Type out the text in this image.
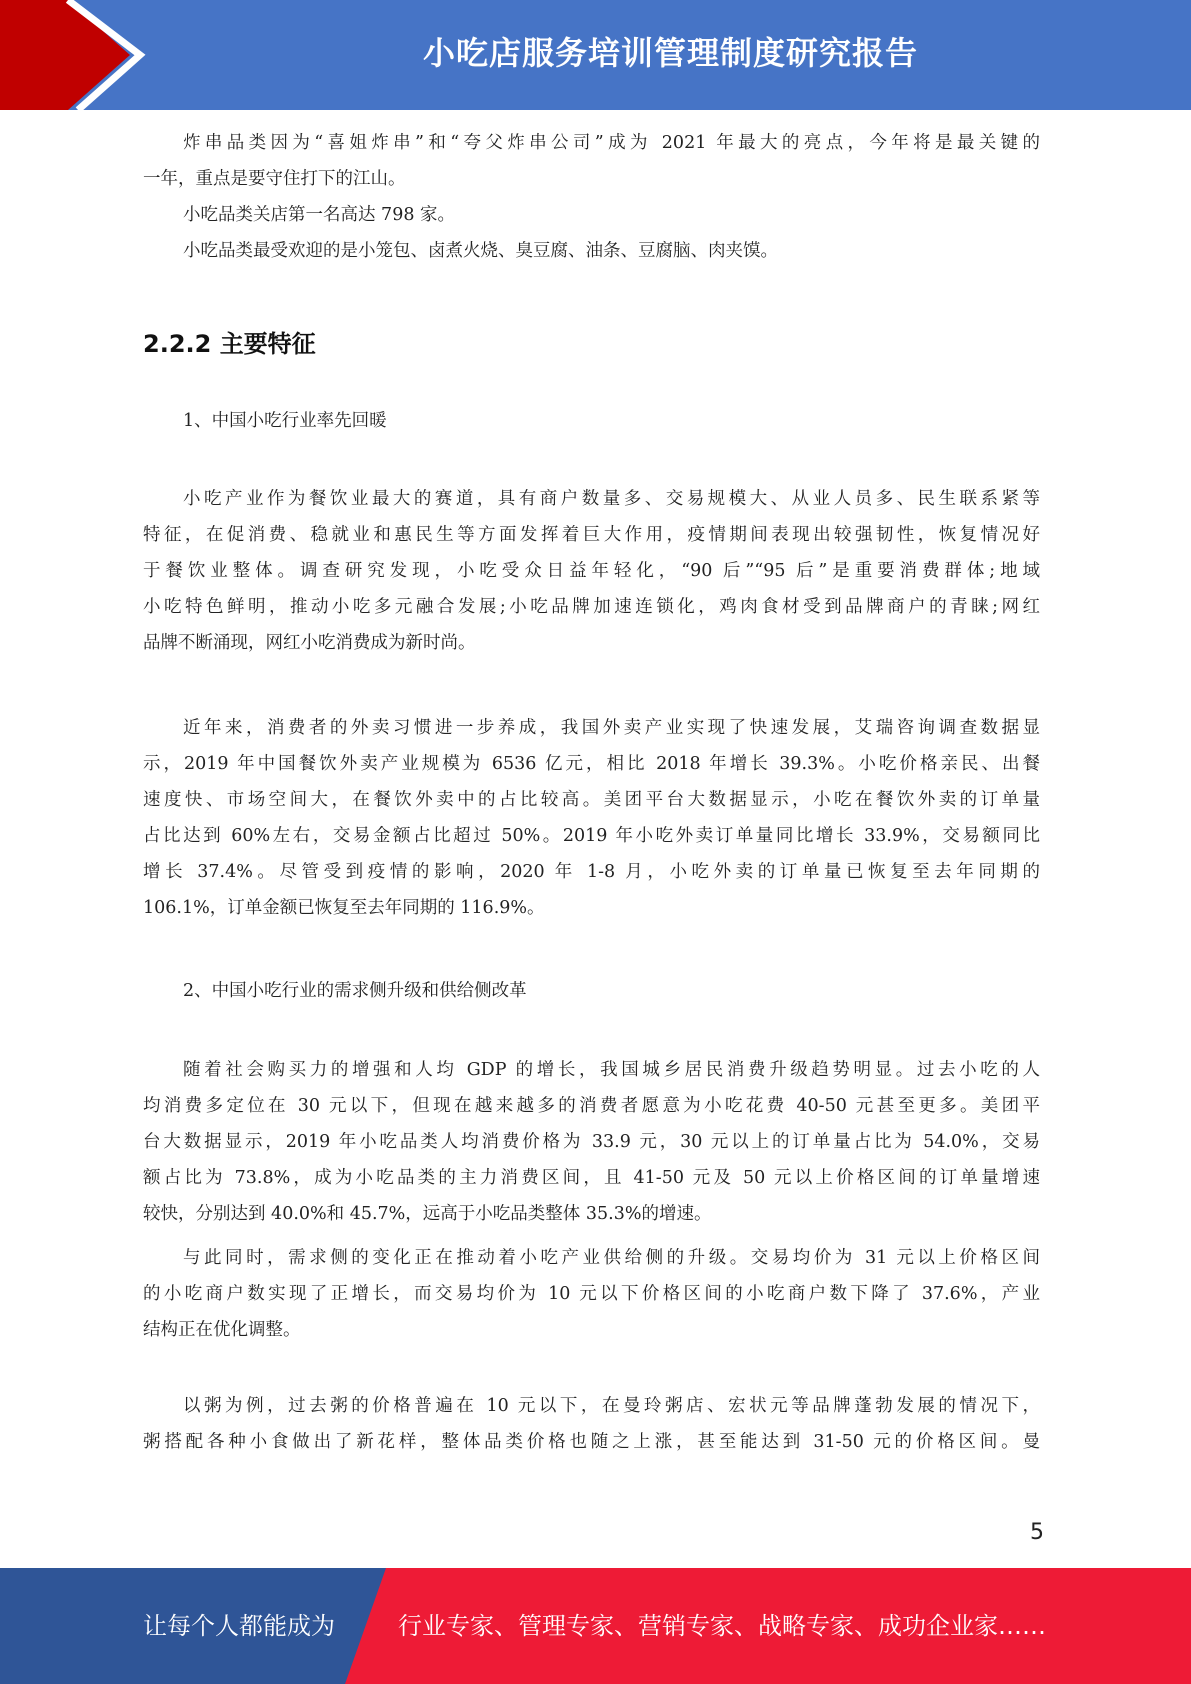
小吃店服务培训管理制度研究报告
炸串品类因为“喜姐炸串”和“夸父炸串公司”成为 2021 年最大的亮点，今年将是最关键的
一年，重点是要守住打下的江山。
小吃品类关店第一名高达 798 家。
小吃品类最受欢迎的是小笼包、卤煮火烧、臭豆腐、油条、豆腐脑、肉夹馍。
2.2.2 主要特征
1、中国小吃行业率先回暖
小吃产业作为餐饮业最大的赛道，具有商户数量多、交易规模大、从业人员多、民生联系紧等
特征，在促消费、稳就业和惠民生等方面发挥着巨大作用，疫情期间表现出较强韧性，恢复情况好
于餐饮业整体。调查研究发现，小吃受众日益年轻化，“90 后”“95 后”是重要消费群体;地域
小吃特色鲜明，推动小吃多元融合发展;小吃品牌加速连锁化，鸡肉食材受到品牌商户的青睐;网红
品牌不断涌现，网红小吃消费成为新时尚。
近年来，消费者的外卖习惯进一步养成，我国外卖产业实现了快速发展，艾瑞咨询调查数据显
示，2019 年中国餐饮外卖产业规模为 6536 亿元，相比 2018 年增长 39.3%。小吃价格亲民、出餐
速度快、市场空间大，在餐饮外卖中的占比较高。美团平台大数据显示，小吃在餐饮外卖的订单量
占比达到 60%左右，交易金额占比超过 50%。2019 年小吃外卖订单量同比增长 33.9%，交易额同比
增长 37.4%。尽管受到疫情的影响，2020 年 1-8 月，小吃外卖的订单量已恢复至去年同期的
106.1%，订单金额已恢复至去年同期的 116.9%。
2、中国小吃行业的需求侧升级和供给侧改革
随着社会购买力的增强和人均 GDP 的增长，我国城乡居民消费升级趋势明显。过去小吃的人
均消费多定位在 30 元以下，但现在越来越多的消费者愿意为小吃花费 40-50 元甚至更多。美团平
台大数据显示，2019 年小吃品类人均消费价格为 33.9 元，30 元以上的订单量占比为 54.0%，交易
额占比为 73.8%，成为小吃品类的主力消费区间，且 41-50 元及 50 元以上价格区间的订单量增速
较快，分别达到 40.0%和 45.7%，远高于小吃品类整体 35.3%的增速。
与此同时，需求侧的变化正在推动着小吃产业供给侧的升级。交易均价为 31 元以上价格区间
的小吃商户数实现了正增长，而交易均价为 10 元以下价格区间的小吃商户数下降了 37.6%，产业
结构正在优化调整。
以粥为例，过去粥的价格普遍在 10 元以下，在曼玲粥店、宏状元等品牌蓬勃发展的情况下，
粥搭配各种小食做出了新花样，整体品类价格也随之上涨，甚至能达到 31-50 元的价格区间。曼
5
让每个人都能成为	行业专家、管理专家、营销专家、战略专家、成功企业家……
